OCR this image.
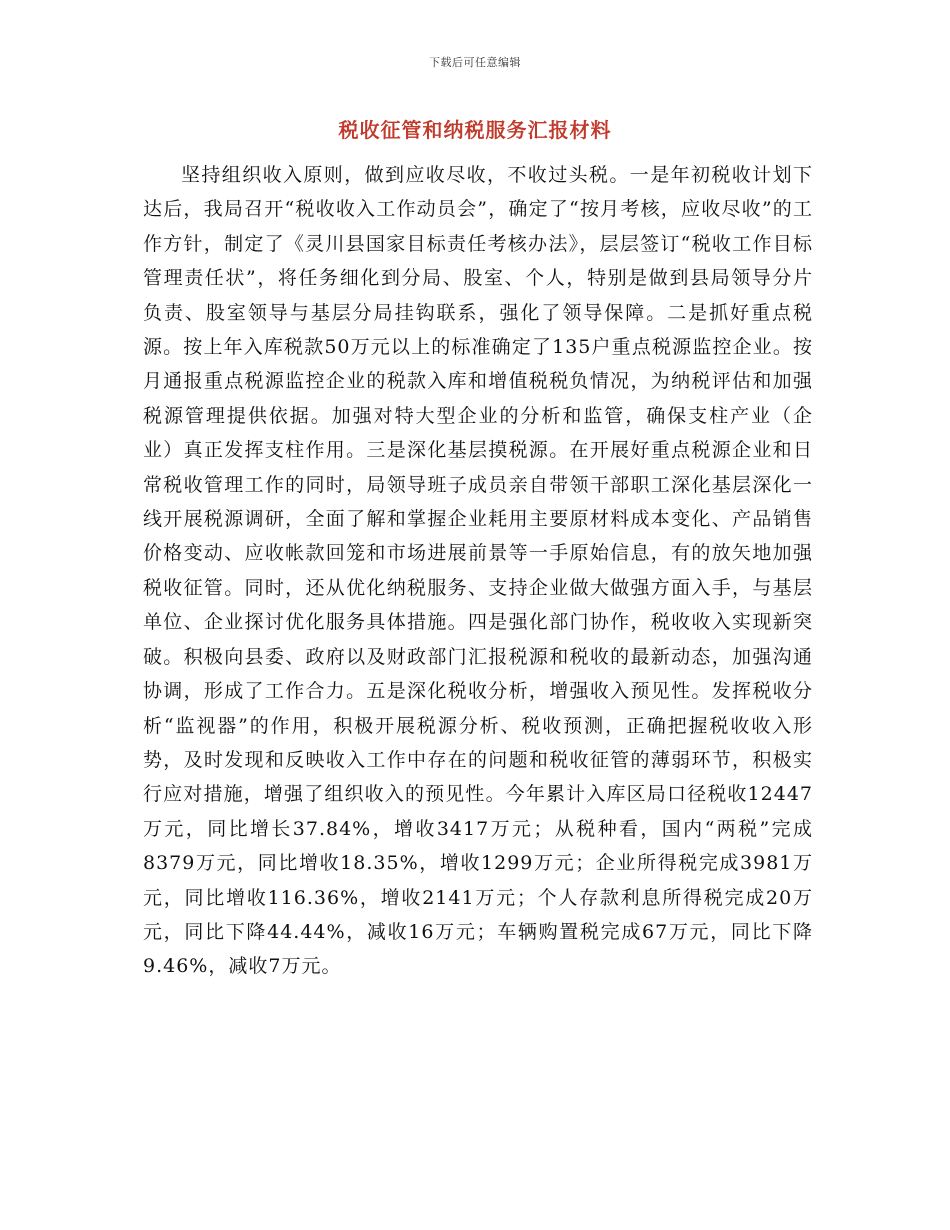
下载后可任意编辑
税收征管和纳税服务汇报材料

坚持组织收入原则，做到应收尽收，不收过头税。一是年初税收计划下达后，我局召开“税收收入工作动员会”，确定了“按月考核，应收尽收”的工作方针，制定了《灵川县国家目标责任考核办法》，层层签订“税收工作目标管理责任状”，将任务细化到分局、股室、个人，特别是做到县局领导分片负责、股室领导与基层分局挂钩联系，强化了领导保障。二是抓好重点税源。按上年入库税款50万元以上的标准确定了135户重点税源监控企业。按月通报重点税源监控企业的税款入库和增值税税负情况，为纳税评估和加强税源管理提供依据。加强对特大型企业的分析和监管，确保支柱产业（企业）真正发挥支柱作用。三是深化基层摸税源。在开展好重点税源企业和日常税收管理工作的同时，局领导班子成员亲自带领干部职工深化基层深化一线开展税源调研，全面了解和掌握企业耗用主要原材料成本变化、产品销售价格变动、应收帐款回笼和市场进展前景等一手原始信息，有的放矢地加强税收征管。同时，还从优化纳税服务、支持企业做大做强方面入手，与基层单位、企业探讨优化服务具体措施。四是强化部门协作，税收收入实现新突破。积极向县委、政府以及财政部门汇报税源和税收的最新动态，加强沟通协调，形成了工作合力。五是深化税收分析，增强收入预见性。发挥税收分析“监视器”的作用，积极开展税源分析、税收预测，正确把握税收收入形势，及时发现和反映收入工作中存在的问题和税收征管的薄弱环节，积极实行应对措施，增强了组织收入的预见性。今年累计入库区局口径税收12447万元，同比增长37.84%，增收3417万元；从税种看，国内“两税”完成8379万元，同比增收18.35%，增收1299万元；企业所得税完成3981万元，同比增收116.36%，增收2141万元；个人存款利息所得税完成20万元，同比下降44.44%，减收16万元；车辆购置税完成67万元，同比下降9.46%，减收7万元。
